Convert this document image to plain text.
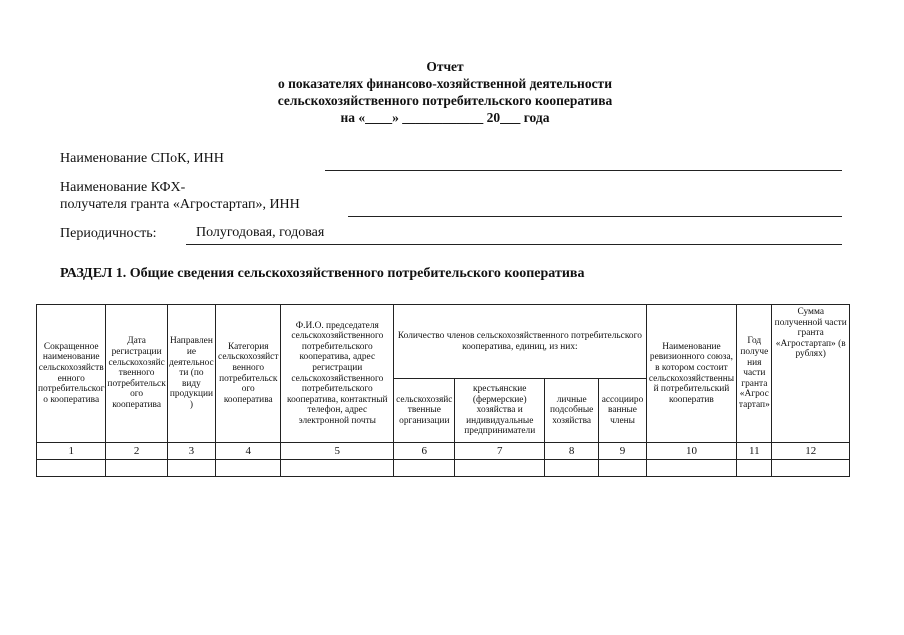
Отчет
о показателях финансово-хозяйственной деятельности
сельскохозяйственного потребительского кооператива
на «____» ____________ 20___ года
Наименование СПоК, ИНН
Наименование КФХ-
получателя гранта «Агростартап», ИНН
Периодичность:	Полугодовая, годовая
РАЗДЕЛ 1. Общие сведения сельскохозяйственного потребительского кооператива
Сокращенное наименование сельскохозяйственного потребительского кооператива	Дата регистрации сельскохозяйственного потребительского кооператива	Направление деятельности (по виду продукции)	Категория сельскохозяйственного потребительского кооператива	Ф.И.О. председателя сельскохозяйственного потребительского кооператива, адрес регистрации сельскохозяйственного потребительского кооператива, контактный телефон, адрес электронной почты	Количество членов сельскохозяйственного потребительского кооператива, единиц, из них:				Наименование ревизионного союза, в котором состоит сельскохозяйственный потребительский кооператив	Год получения части гранта «Агростартап»	Сумма полученной части гранта «Агростартап» (в рублях)
					сельскохозяйственные организации	крестьянские (фермерские) хозяйства и индивидуальные предприниматели	личные подсобные хозяйства	ассоциированные члены			
1	2	3	4	5	6	7	8	9	10	11	12
